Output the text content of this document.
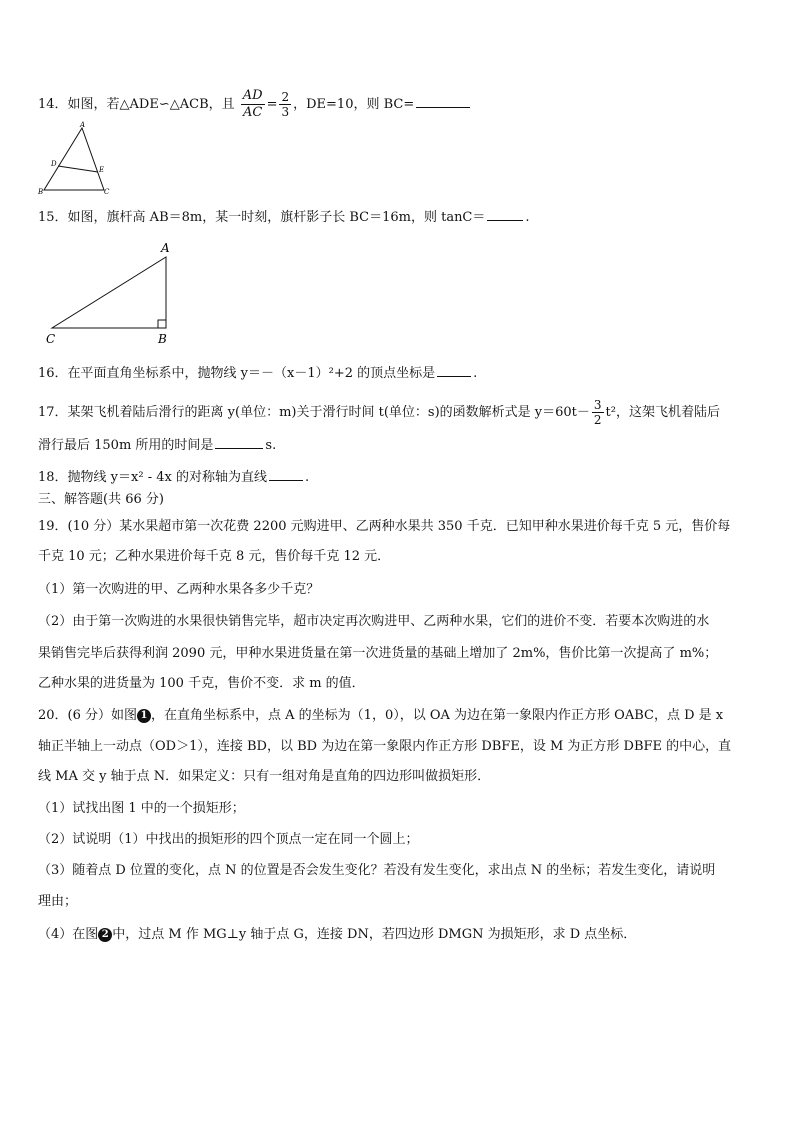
14．如图，若△ADE∽△ACB，且 $\frac{AD}{AC} = \frac{2}{3}$ ，DE=10，则 BC=
A
D
E
B	C
15．如图，旗杆高 AB＝8m，某一时刻，旗杆影子长 BC＝16m，则 tanC＝	.
A
C	B
16．在平面直角坐标系中，抛物线 y＝－（x－1）²+2 的顶点坐标是	.
17．某架飞机着陆后滑行的距离 y(单位：m)关于滑行时间 t(单位：s)的函数解析式是 $y=60t- \frac{3}{2} t^2$，这架飞机着陆后
滑行最后 150m 所用的时间是	s.
18．抛物线 y＝x² - 4x 的对称轴为直线	.
三、解答题(共 66 分)
19．(10 分）某水果超市第一次花费 2200 元购进甲、乙两种水果共 350 千克．已知甲种水果进价每千克 5 元，售价每
千克 10 元；乙种水果进价每千克 8 元，售价每千克 12 元．
（1）第一次购进的甲、乙两种水果各多少千克？
（2）由于第一次购进的水果很快销售完毕，超市决定再次购进甲、乙两种水果，它们的进价不变．若要本次购进的水
果销售完毕后获得利润 2090 元，甲种水果进货量在第一次进货量的基础上增加了 2m%，售价比第一次提高了 m%；
乙种水果的进货量为 100 千克，售价不变．求 m 的值．
20．(6 分）如图 1 ，在直角坐标系中，点 A 的坐标为（1，0），以 OA 为边在第一象限内作正方形 OABC，点 D 是 x
轴正半轴上一动点（OD＞1），连接 BD，以 BD 为边在第一象限内作正方形 DBFE，设 M 为正方形 DBFE 的中心，直
线 MA 交 y 轴于点 N．如果定义：只有一组对角是直角的四边形叫做损矩形．
（1）试找出图 1 中的一个损矩形；
（2）试说明（1）中找出的损矩形的四个顶点一定在同一个圆上；
（3）随着点 D 位置的变化，点 N 的位置是否会发生变化？若没有发生变化，求出点 N 的坐标；若发生变化，请说明
理由；
（4）在图 2 中，过点 M 作 MG⊥y 轴于点 G，连接 DN，若四边形 DMGN 为损矩形，求 D 点坐标．
